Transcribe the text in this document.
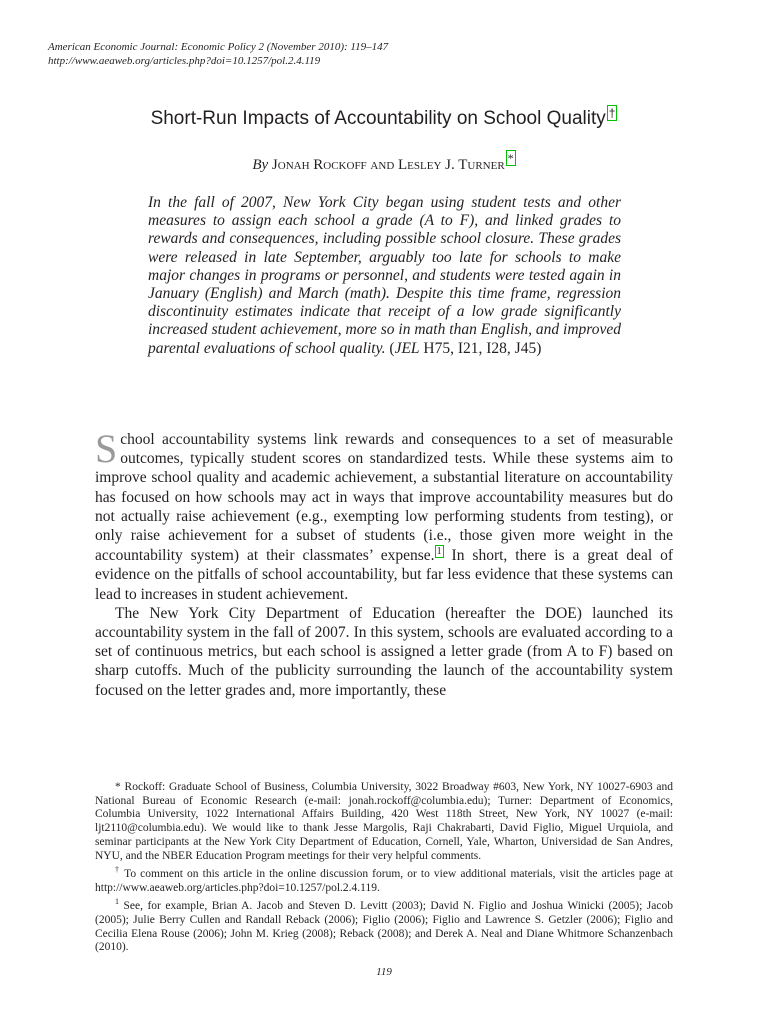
American Economic Journal: Economic Policy 2 (November 2010): 119–147
http://www.aeaweb.org/articles.php?doi=10.1257/pol.2.4.119
Short-Run Impacts of Accountability on School Quality †
By Jonah Rockoff and Lesley J. Turner *

In the fall of 2007, New York City began using student tests and other measures to assign each school a grade (A to F), and linked grades to rewards and consequences, including possible school closure. These grades were released in late September, arguably too late for schools to make major changes in programs or personnel, and students were tested again in January (English) and March (math). Despite this time frame, regression discontinuity estimates indicate that receipt of a low grade significantly increased student achievement, more so in math than English, and improved parental evaluations of school quality. (JEL H75, I21, I28, J45)

School accountability systems link rewards and consequences to a set of measurable outcomes, typically student scores on standardized tests. While these systems aim to improve school quality and academic achievement, a substantial literature on accountability has focused on how schools may act in ways that improve accountability measures but do not actually raise achievement (e.g., exempting low performing students from testing), or only raise achievement for a subset of students (i.e., those given more weight in the accountability system) at their classmates’ expense. 1 In short, there is a great deal of evidence on the pitfalls of school accountability, but far less evidence that these systems can lead to increases in student achievement.

The New York City Department of Education (hereafter the DOE) launched its accountability system in the fall of 2007. In this system, schools are evaluated according to a set of continuous metrics, but each school is assigned a letter grade (from A to F) based on sharp cutoffs. Much of the publicity surrounding the launch of the accountability system focused on the letter grades and, more importantly, these

* Rockoff: Graduate School of Business, Columbia University, 3022 Broadway #603, New York, NY 10027-6903 and National Bureau of Economic Research (e-mail: jonah.rockoff@columbia.edu); Turner: Department of Economics, Columbia University, 1022 International Affairs Building, 420 West 118th Street, New York, NY 10027 (e-mail: ljt2110@columbia.edu). We would like to thank Jesse Margolis, Raji Chakrabarti, David Figlio, Miguel Urquiola, and seminar participants at the New York City Department of Education, Cornell, Yale, Wharton, Universidad de San Andres, NYU, and the NBER Education Program meetings for their very helpful comments.

† To comment on this article in the online discussion forum, or to view additional materials, visit the articles page at http://www.aeaweb.org/articles.php?doi=10.1257/pol.2.4.119.

$^1$ See, for example, Brian A. Jacob and Steven D. Levitt (2003); David N. Figlio and Joshua Winicki (2005); Jacob (2005); Julie Berry Cullen and Randall Reback (2006); Figlio (2006); Figlio and Lawrence S. Getzler (2006); Figlio and Cecilia Elena Rouse (2006); John M. Krieg (2008); Reback (2008); and Derek A. Neal and Diane Whitmore Schanzenbach (2010).

119
